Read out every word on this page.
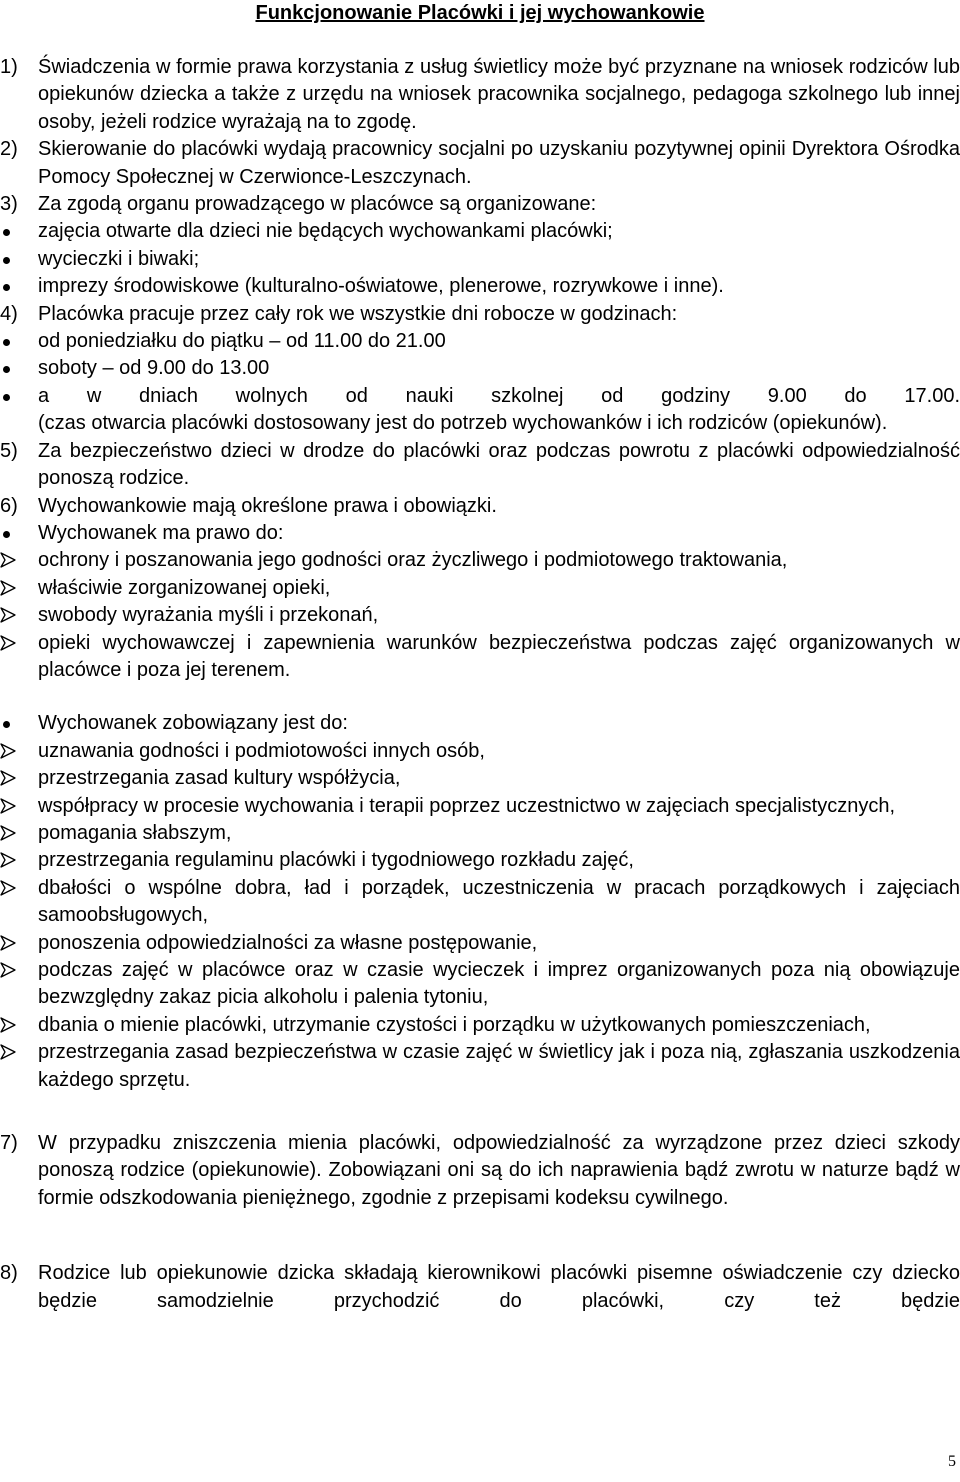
Funkcjonowanie Placówki i jej wychowankowie
1) Świadczenia w formie prawa korzystania z usług świetlicy może być przyznane na wniosek rodziców lub opiekunów dziecka a także z urzędu na wniosek pracownika socjalnego, pedagoga szkolnego lub innej osoby, jeżeli rodzice wyrażają na to zgodę.
2) Skierowanie do placówki wydają pracownicy socjalni po uzyskaniu pozytywnej opinii Dyrektora Ośrodka Pomocy Społecznej w Czerwionce-Leszczynach.
3) Za zgodą organu prowadzącego w placówce są organizowane:
zajęcia otwarte dla dzieci nie będących wychowankami placówki;
wycieczki i biwaki;
imprezy środowiskowe (kulturalno-oświatowe, plenerowe, rozrywkowe i inne).
4) Placówka pracuje przez cały rok we wszystkie dni robocze w godzinach:
od poniedziałku do piątku – od 11.00 do 21.00
soboty – od 9.00 do 13.00
a w dniach wolnych od nauki szkolnej od godziny 9.00 do 17.00.
(czas otwarcia placówki dostosowany jest do potrzeb wychowanków i ich rodziców (opiekunów).
5) Za bezpieczeństwo dzieci w drodze do placówki oraz podczas powrotu z placówki odpowiedzialność ponoszą rodzice.
6) Wychowankowie mają określone prawa i obowiązki.
Wychowanek ma prawo do:
ochrony i poszanowania jego godności oraz życzliwego i podmiotowego traktowania,
właściwie zorganizowanej opieki,
swobody wyrażania myśli i przekonań,
opieki wychowawczej i zapewnienia warunków bezpieczeństwa podczas zajęć organizowanych w placówce i poza jej terenem.
Wychowanek zobowiązany jest do:
uznawania godności i podmiotowości innych osób,
przestrzegania zasad kultury współżycia,
współpracy w procesie wychowania i terapii poprzez uczestnictwo w zajęciach specjalistycznych,
pomagania słabszym,
przestrzegania regulaminu placówki i tygodniowego rozkładu zajęć,
dbałości o wspólne dobra, ład i porządek, uczestniczenia w pracach porządkowych i zajęciach samoobsługowych,
ponoszenia odpowiedzialności za własne postępowanie,
podczas zajęć w placówce oraz w czasie wycieczek i imprez organizowanych poza nią obowiązuje bezwzględny zakaz picia alkoholu i palenia tytoniu,
dbania o mienie placówki, utrzymanie czystości i porządku w użytkowanych pomieszczeniach,
przestrzegania zasad bezpieczeństwa w czasie zajęć w świetlicy jak i poza nią, zgłaszania uszkodzenia każdego sprzętu.
7) W przypadku zniszczenia mienia placówki, odpowiedzialność za wyrządzone przez dzieci szkody ponoszą rodzice (opiekunowie). Zobowiązani oni są do ich naprawienia bądź zwrotu w naturze bądź w formie odszkodowania pieniężnego, zgodnie z przepisami kodeksu cywilnego.
8) Rodzice lub opiekunowie dzicka składają kierownikowi placówki pisemne oświadczenie czy dziecko będzie samodzielnie przychodzić do placówki, czy też będzie
5
